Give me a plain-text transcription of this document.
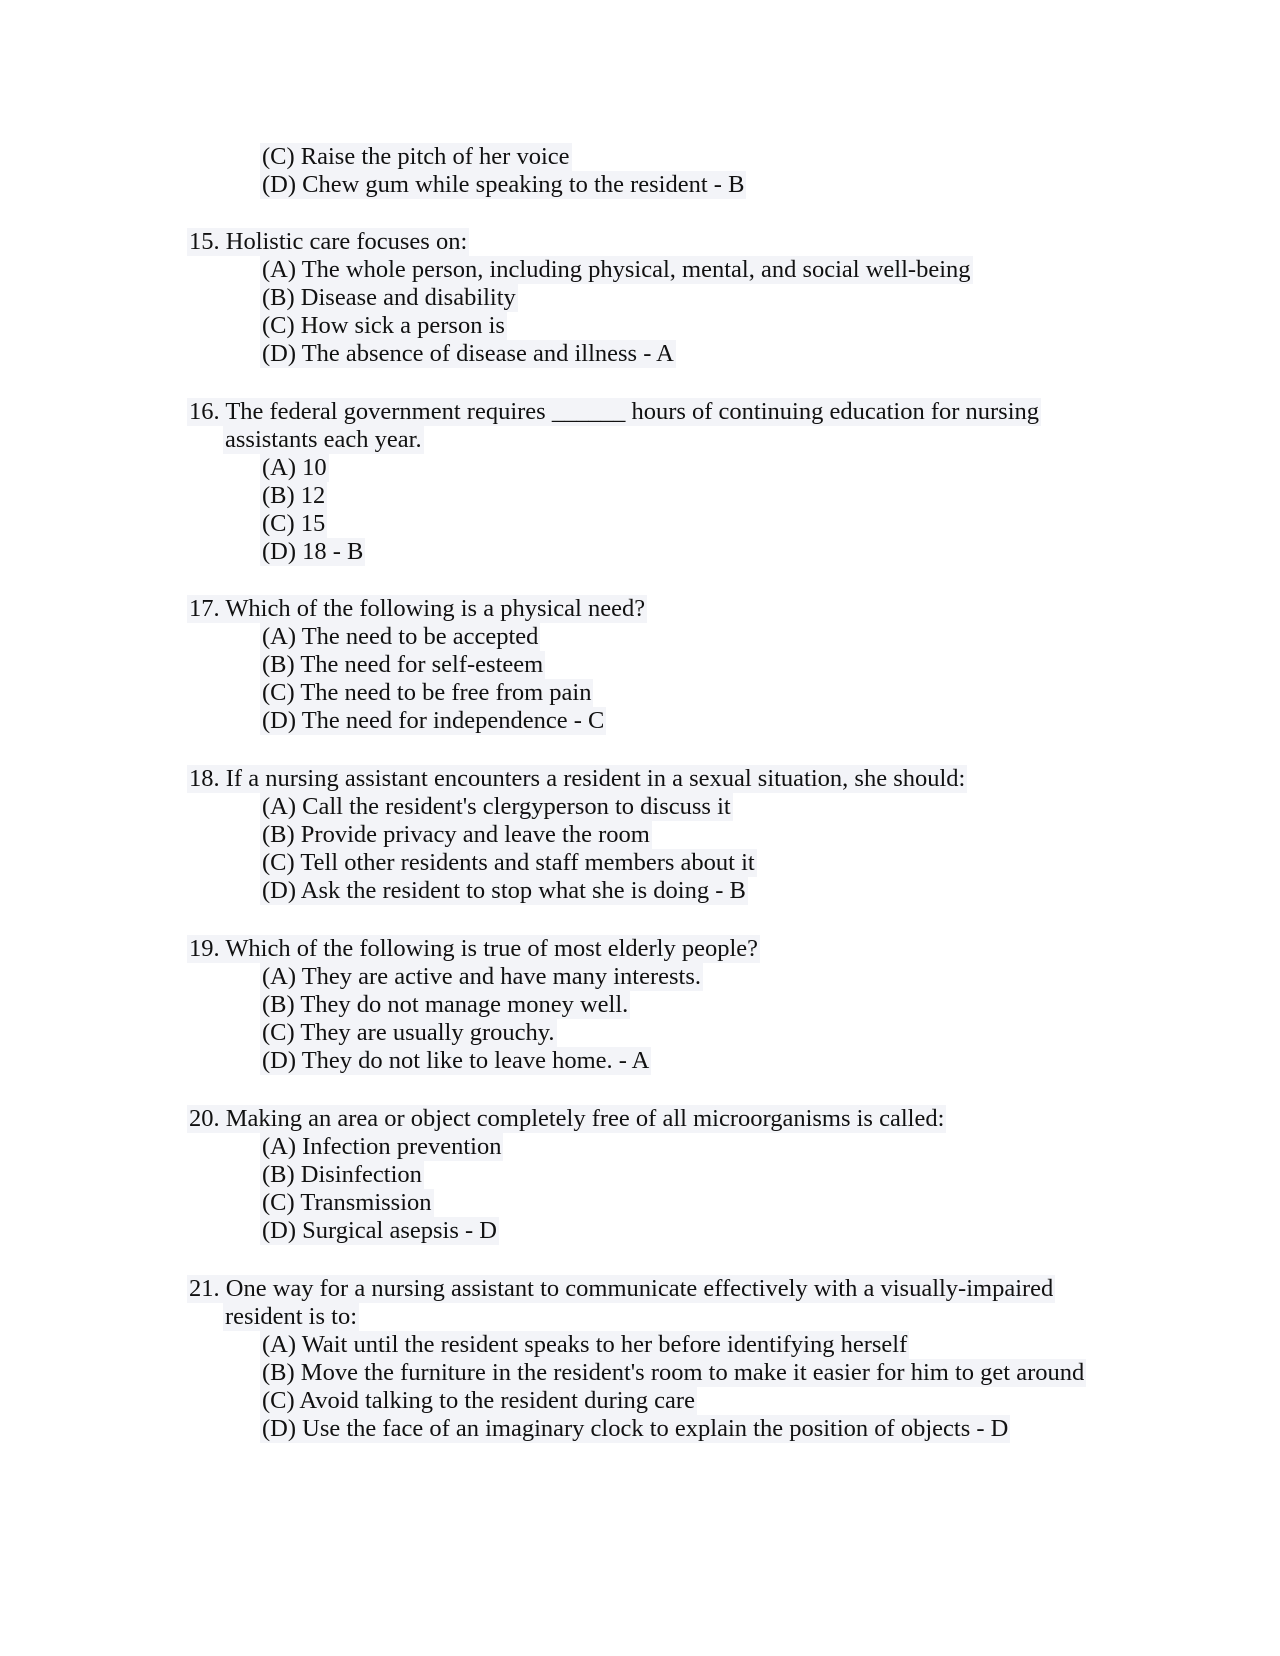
(C) Raise the pitch of her voice
(D) Chew gum while speaking to the resident - B
15. Holistic care focuses on:
(A) The whole person, including physical, mental, and social well-being
(B) Disease and disability
(C) How sick a person is
(D) The absence of disease and illness - A
16. The federal government requires ______ hours of continuing education for nursing
assistants each year.
(A) 10
(B) 12
(C) 15
(D) 18 - B
17. Which of the following is a physical need?
(A) The need to be accepted
(B) The need for self-esteem
(C) The need to be free from pain
(D) The need for independence - C
18. If a nursing assistant encounters a resident in a sexual situation, she should:
(A) Call the resident's clergyperson to discuss it
(B) Provide privacy and leave the room
(C) Tell other residents and staff members about it
(D) Ask the resident to stop what she is doing - B
19. Which of the following is true of most elderly people?
(A) They are active and have many interests.
(B) They do not manage money well.
(C) They are usually grouchy.
(D) They do not like to leave home. - A
20. Making an area or object completely free of all microorganisms is called:
(A) Infection prevention
(B) Disinfection
(C) Transmission
(D) Surgical asepsis - D
21. One way for a nursing assistant to communicate effectively with a visually-impaired
resident is to:
(A) Wait until the resident speaks to her before identifying herself
(B) Move the furniture in the resident's room to make it easier for him to get around
(C) Avoid talking to the resident during care
(D) Use the face of an imaginary clock to explain the position of objects - D
